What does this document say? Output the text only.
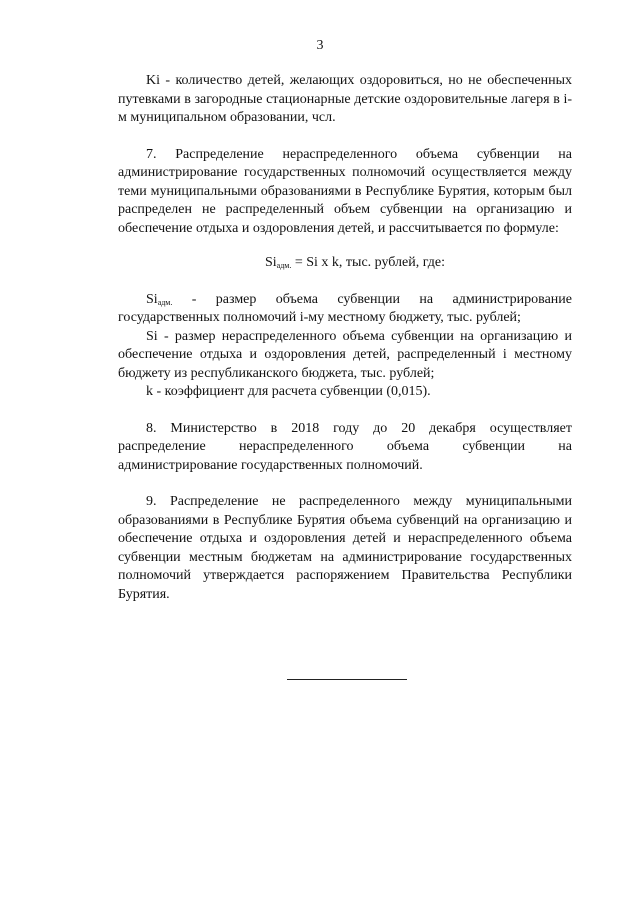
3

Ki - количество детей, желающих оздоровиться, но не обеспеченных путевками в загородные стационарные детские оздоровительные лагеря в i-м муниципальном образовании, чсл.

7. Распределение нераспределенного объема субвенции на администрирование государственных полномочий осуществляется между теми муниципальными образованиями в Республике Бурятия, которым был распределен не распределенный объем субвенции на организацию и обеспечение отдыха и оздоровления детей, и рассчитывается по формуле:

$Si_{адм.} = Si$ x k, тыс. рублей, где:

$Si_{адм.}$ - размер объема субвенции на администрирование государственных полномочий i-му местному бюджету, тыс. рублей;

Si - размер нераспределенного объема субвенции на организацию и обеспечение отдыха и оздоровления детей, распределенный i местному бюджету из республиканского бюджета, тыс. рублей;

k - коэффициент для расчета субвенции (0,015).

8. Министерство в 2018 году до 20 декабря осуществляет распределение нераспределенного объема субвенции на администрирование государственных полномочий.

9. Распределение не распределенного между муниципальными образованиями в Республике Бурятия объема субвенций на организацию и обеспечение отдыха и оздоровления детей и нераспределенного объема субвенции местным бюджетам на администрирование государственных полномочий утверждается распоряжением Правительства Республики Бурятия.
